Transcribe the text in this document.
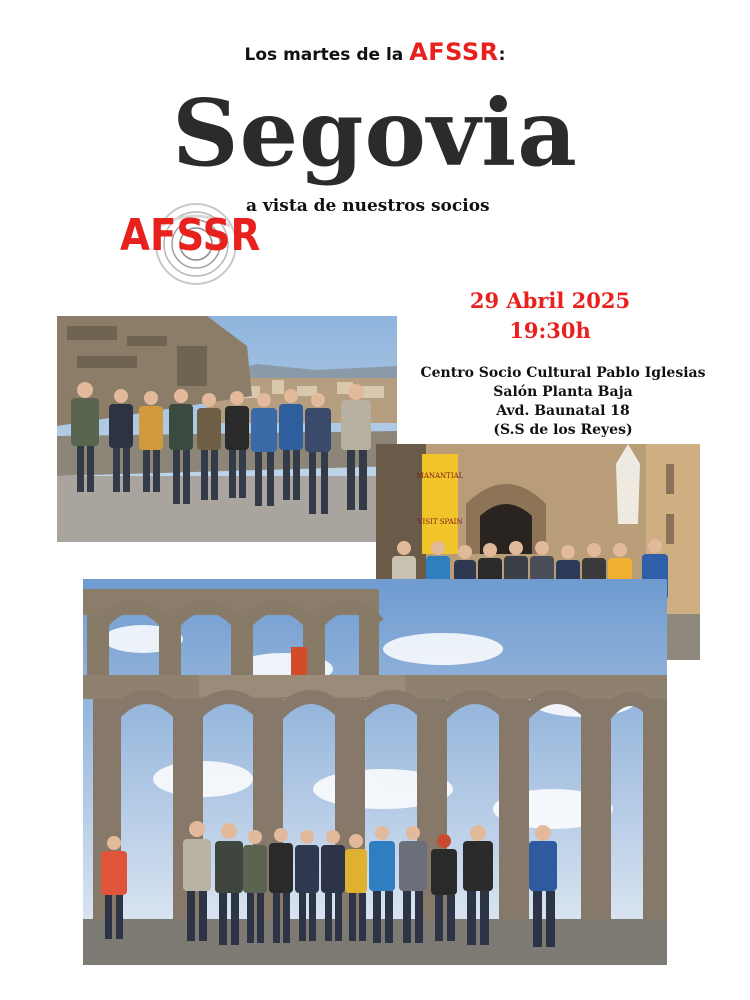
Los martes de la AFSSR:
Segovia
a vista de nuestros socios
AFSSR
29 Abril 2025
19:30h
Centro Socio Cultural Pablo Iglesias
Salón Planta Baja
Avd. Baunatal 18
(S.S de los Reyes)
MANANTIAL
VISIT SPAIN
